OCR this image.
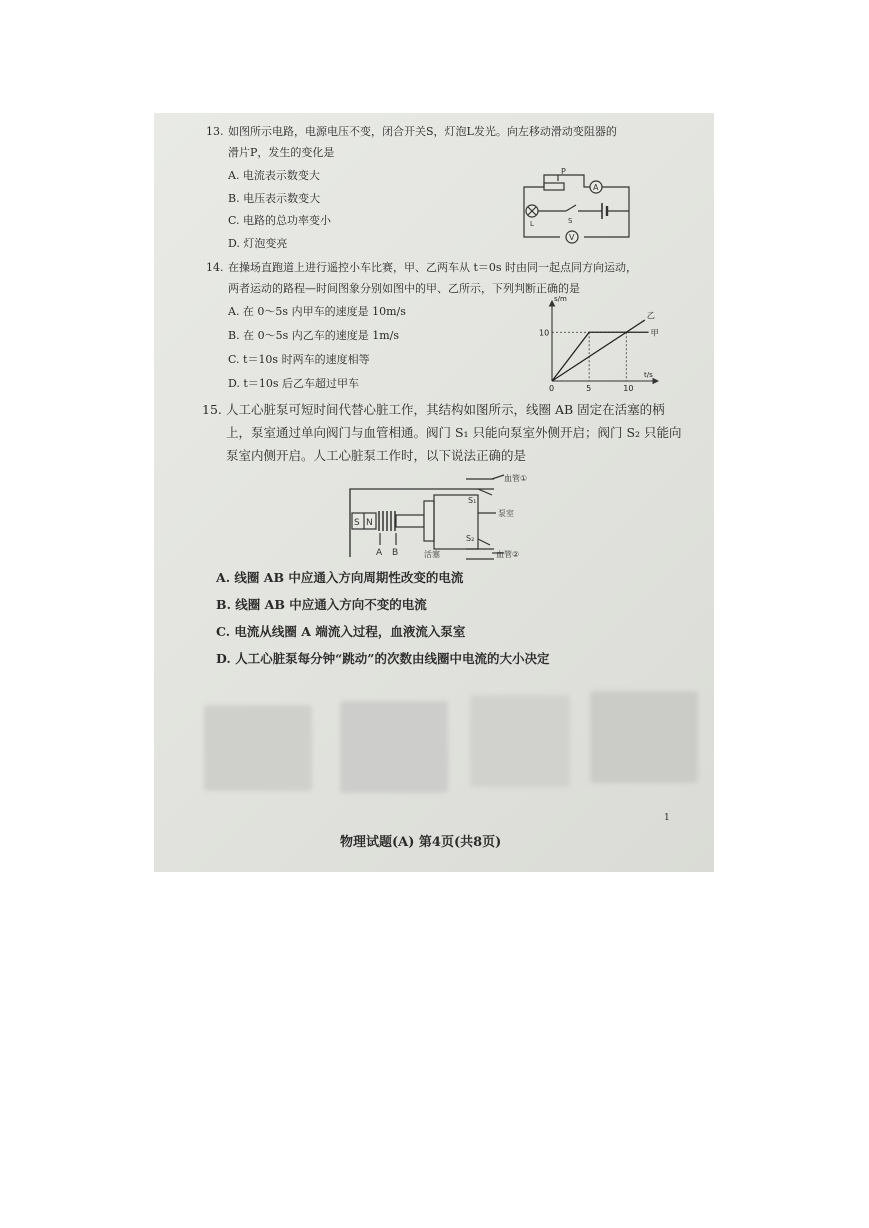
13. 如图所示电路，电源电压不变，闭合开关S，灯泡L发光。向左移动滑动变阻器的
滑片P，发生的变化是
A. 电流表示数变大
B. 电压表示数变大
C. 电路的总功率变小
D. 灯泡变亮
P
A
V
L	S
14. 在操场直跑道上进行遥控小车比赛，甲、乙两车从 t＝0s 时由同一起点同方向运动，
两者运动的路程—时间图象分别如图中的甲、乙所示，下列判断正确的是
A. 在 0～5s 内甲车的速度是 10m/s
B. 在 0～5s 内乙车的速度是 1m/s
C. t＝10s 时两车的速度相等
D. t＝10s 后乙车超过甲车
甲
乙
0	5	10
10
s/m
t/s
15. 人工心脏泵可短时间代替心脏工作，其结构如图所示，线圈 AB 固定在活塞的柄
上，泵室通过单向阀门与血管相通。阀门 S₁ 只能向泵室外侧开启；阀门 S₂ 只能向
泵室内侧开启。人工心脏泵工作时，以下说法正确的是
血管①
血管②
S₁
S₂
泵室
活塞
S N
A B
A. 线圈 AB 中应通入方向周期性改变的电流
B. 线圈 AB 中应通入方向不变的电流
C. 电流从线圈 A 端流入过程，血液流入泵室
D. 人工心脏泵每分钟“跳动”的次数由线圈中电流的大小决定
1
物理试题(A) 第4页(共8页)
